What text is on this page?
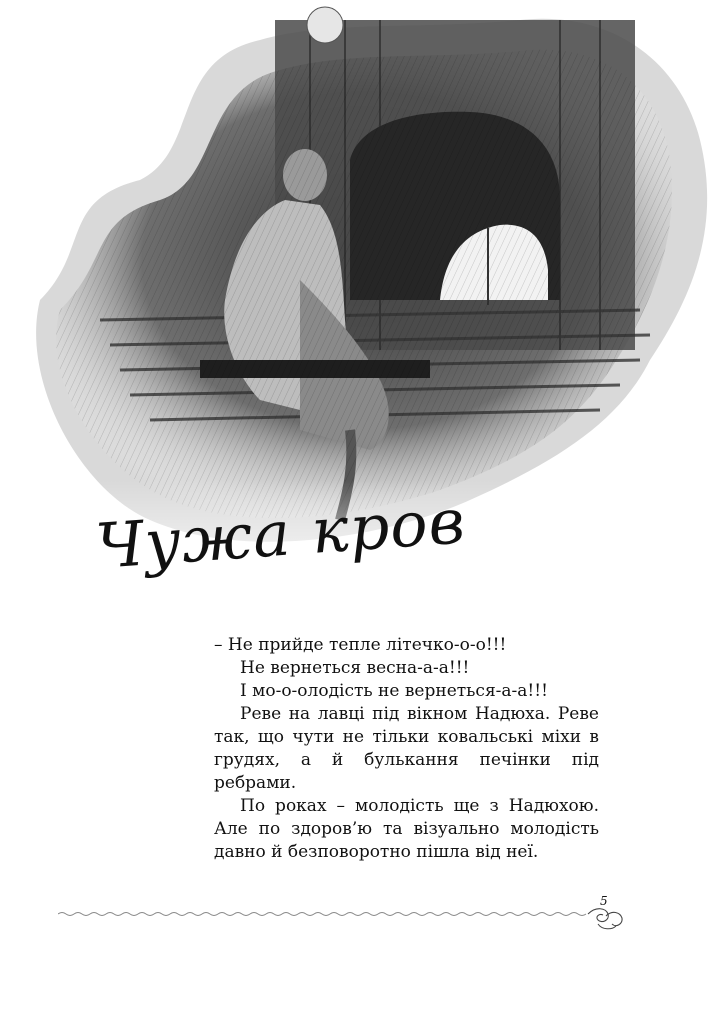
Чужа кров

– Не прийде тепле літечко-о-о!!!

Не вернеться весна-а-а!!!

І мо-о-олодість не вернеться-а-а!!!

Реве на лавці під вікном Надюха. Реве так, що чути не тільки ковальські міхи в грудях, а й булькання печінки під ребрами.

По роках – молодість ще з Надюхою. Але по здоров’ю та візуально молодість давно й безповоротно пішла від неї.

5
